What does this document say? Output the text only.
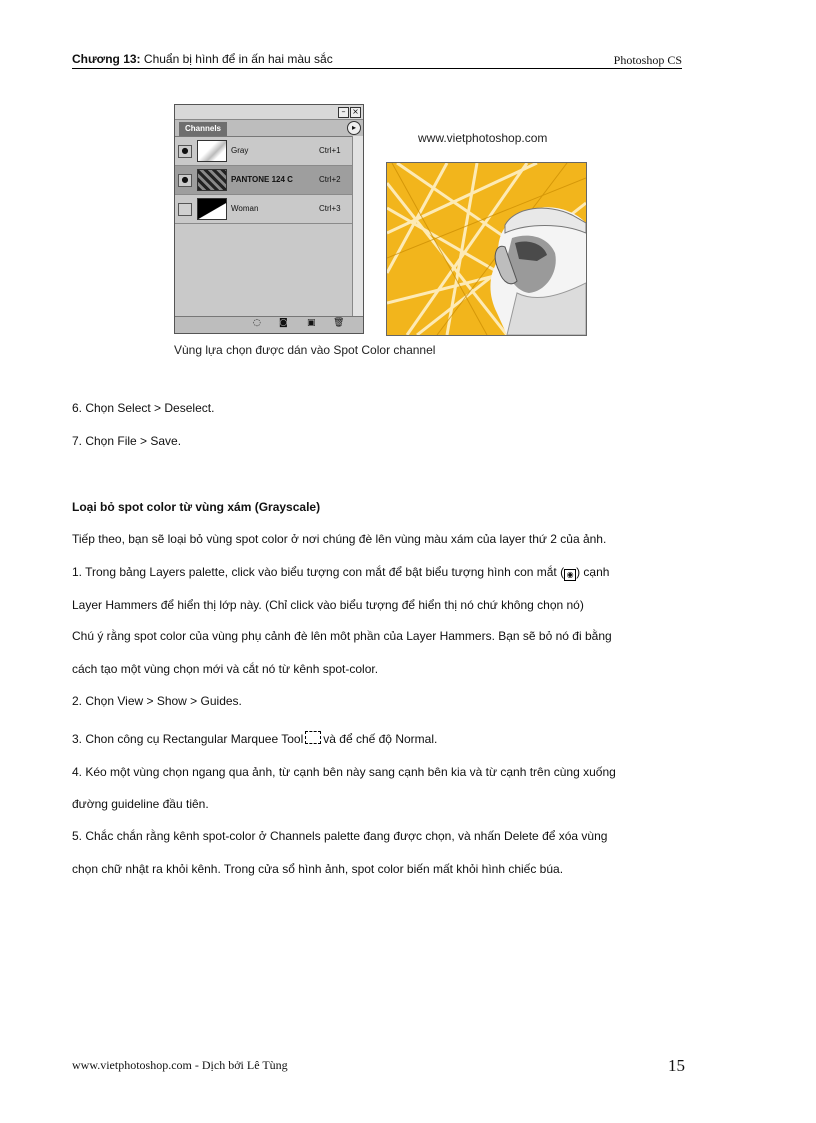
Chương 13: Chuẩn bị hình để in ấn hai màu sắc	Photoshop CS
– ×
Channels	▸
●	Gray	Ctrl+1
●	PANTONE 124 C	Ctrl+2
Woman	Ctrl+3
◌ ◙ ▣ 🗑
www.vietphotoshop.com
Vùng lựa chọn được dán vào Spot Color channel
6. Chọn Select > Deselect.
7. Chọn File > Save.
Loại bỏ spot color từ vùng xám (Grayscale)
Tiếp theo, bạn sẽ loại bỏ vùng spot color ở nơi chúng đè lên vùng màu xám của layer thứ 2 của ảnh.
1. Trong bảng Layers palette, click vào biểu tượng con mắt để bật biểu tượng hình con mắt ( ◉ ) cạnh
Layer Hammers để hiển thị lớp này. (Chỉ click vào biểu tượng để hiển thị nó chứ không chọn nó)
Chú ý rằng spot color của vùng phụ cảnh đè lên môt phần của Layer Hammers. Bạn sẽ bỏ nó đi bằng
cách tạo một vùng chọn mới và cắt nó từ kênh spot-color.
2. Chọn View > Show > Guides.
3. Chon công cụ Rectangular Marquee Tool và để chế độ Normal.
4. Kéo một vùng chọn ngang qua ảnh, từ cạnh bên này sang cạnh bên kia và từ cạnh trên cùng xuống
đường guideline đầu tiên.
5. Chắc chắn rằng kênh spot-color ở Channels palette đang được chọn, và nhấn Delete để xóa vùng
chọn chữ nhật ra khỏi kênh. Trong cửa sổ hình ảnh, spot color biến mất khỏi hình chiếc búa.
www.vietphotoshop.com - Dịch bởi Lê Tùng	15
